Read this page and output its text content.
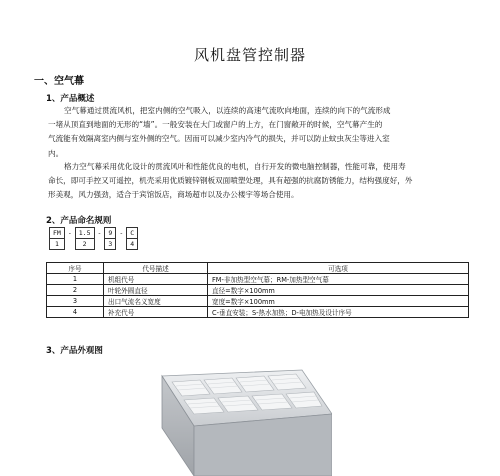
风机盘管控制器
一、空气幕
1、产品概述
空气幕通过贯流风机，把室内侧的空气吸入，以连续的高速气流吹向地面，连续的向下的气流形成
一堵从顶直到地面的无形的“墙”。一般安装在大门或窗户的上方，在门窗敞开的时候，空气幕产生的
气流能有效隔离室内侧与室外侧的空气。因而可以减少室内冷气的损失，并可以防止蚊虫灰尘等进入室
内。
格力空气幕采用优化设计的贯流风叶和性能优良的电机，自行开发的微电脑控制器，性能可靠，使用寿
命长，即可手控又可遥控，机壳采用优质镀锌钢板双面喷塑处理，具有超强的抗腐防锈能力，结构强度好，外
形美观，风力强劲，适合于宾馆饭店，商场超市以及办公楼宇等场合使用。
2、产品命名规则
FM	-	1.5	-	9	-	C
1		2		3		4
序号	代号描述	可选项
1	机组代号	FM-非加热型空气幕；RM-加热型空气幕
2	叶轮外圆直径	直径=数字×100mm
3	出口气流名义宽度	宽度=数字×100mm
4	补充代号	C-垂直安装；S-热水加热；D-电加热及设计序号
3、产品外观图
